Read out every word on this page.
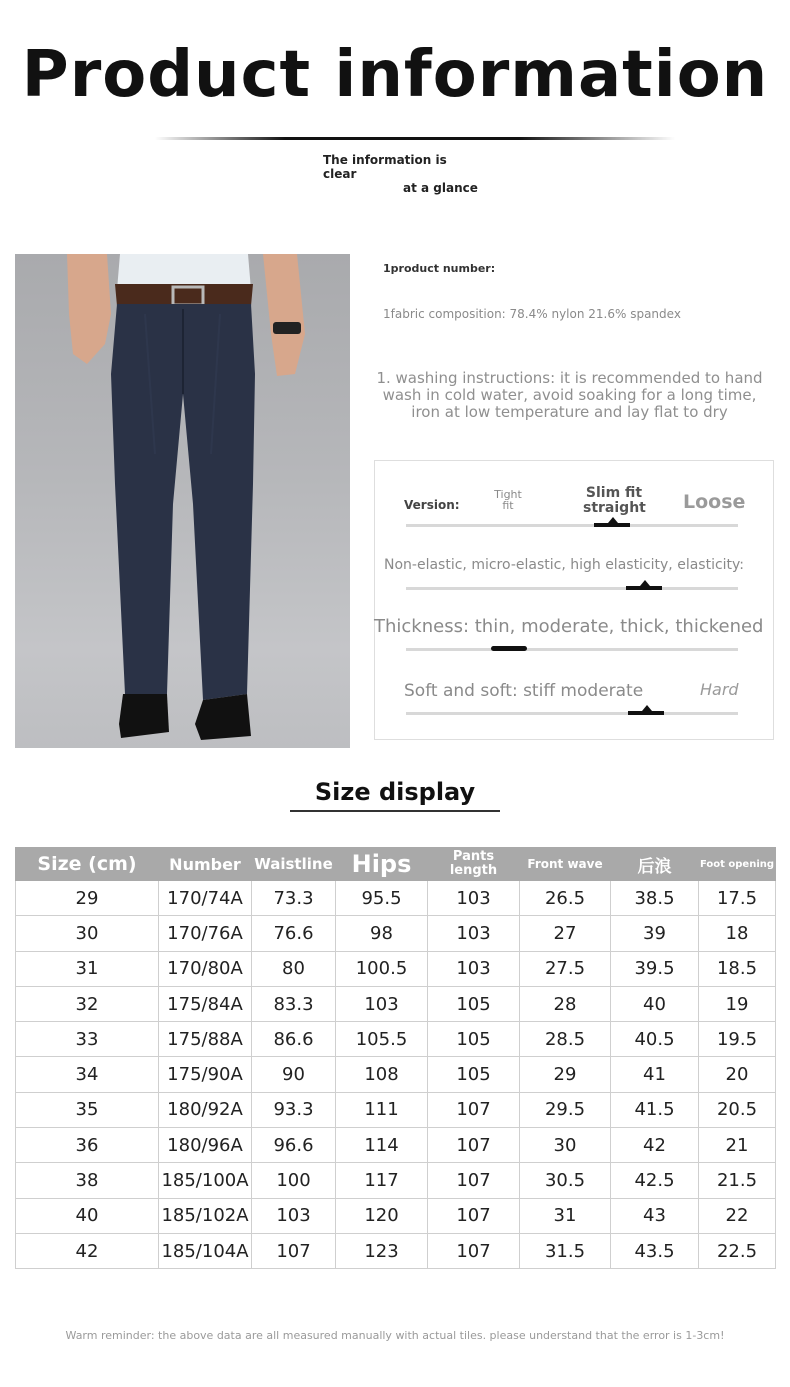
Product information
The information is clear
at a glance
1product number:
1fabric composition: 78.4% nylon 21.6% spandex
1. washing instructions: it is recommended to hand
wash in cold water, avoid soaking for a long time,
iron at low temperature and lay flat to dry
Version:
Tight
fit
Slim fit
straight Loose
Non-elastic, micro-elastic, high elasticity, elasticity:
Thickness: thin, moderate, thick, thickened
Soft and soft: stiff moderate	Hard
Size display
Size (cm)	Number	Waistline	Hips	Pants length	Front wave	后浪	Foot opening
29	170/74A	73.3	95.5	103	26.5	38.5	17.5
30	170/76A	76.6	98	103	27	39	18
31	170/80A	80	100.5	103	27.5	39.5	18.5
32	175/84A	83.3	103	105	28	40	19
33	175/88A	86.6	105.5	105	28.5	40.5	19.5
34	175/90A	90	108	105	29	41	20
35	180/92A	93.3	111	107	29.5	41.5	20.5
36	180/96A	96.6	114	107	30	42	21
38	185/100A	100	117	107	30.5	42.5	21.5
40	185/102A	103	120	107	31	43	22
42	185/104A	107	123	107	31.5	43.5	22.5
Warm reminder: the above data are all measured manually with actual tiles. please understand that the error is 1-3cm!
